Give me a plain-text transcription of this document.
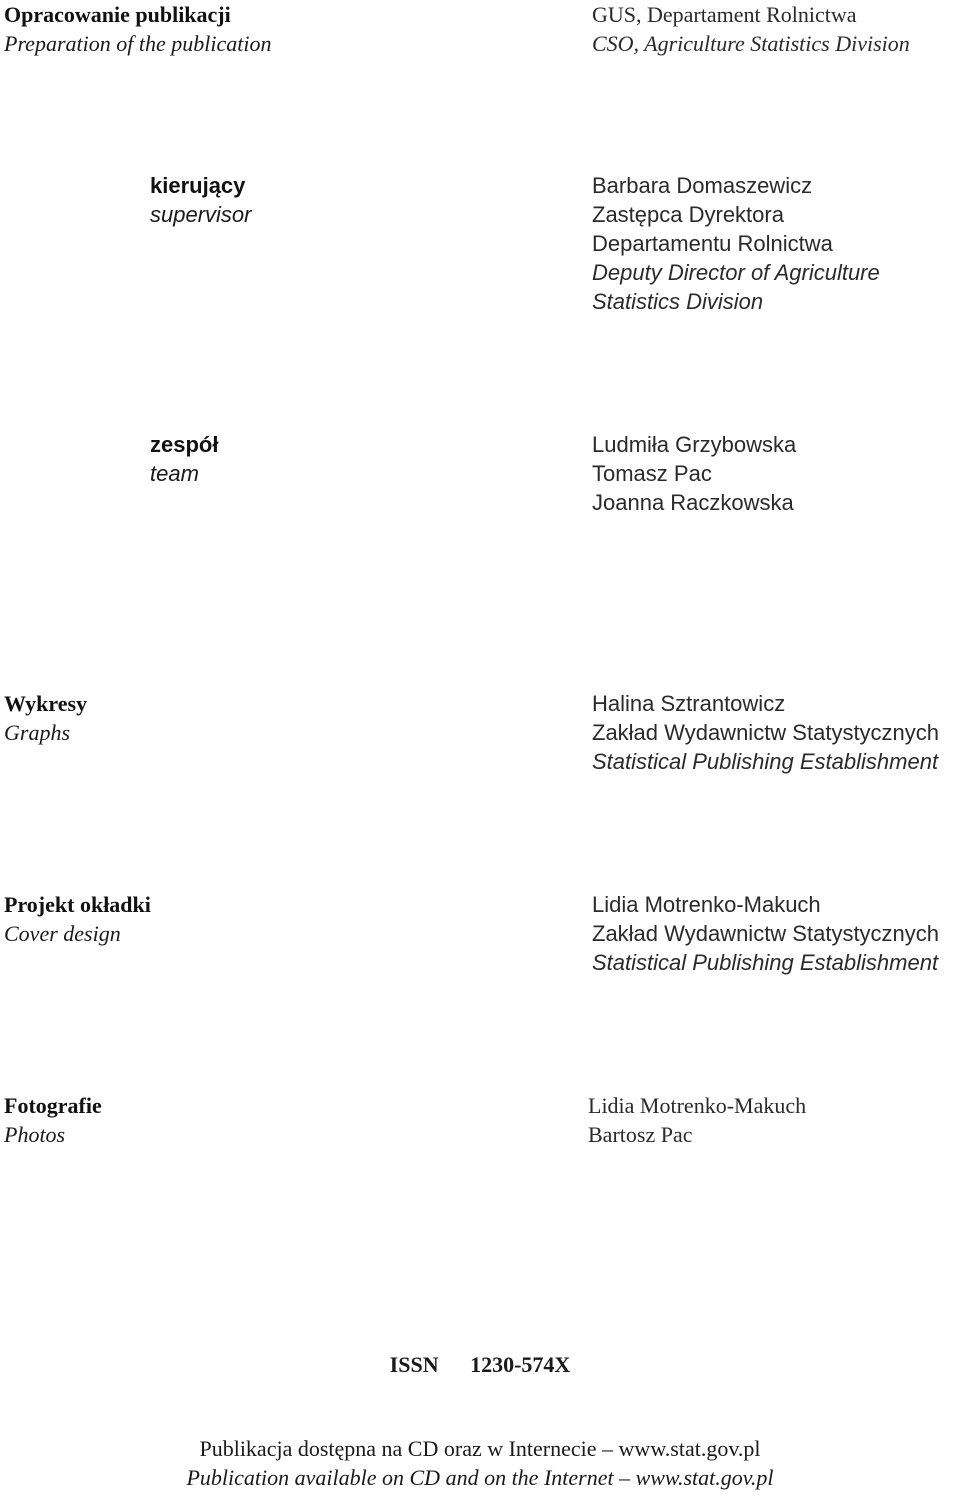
Opracowanie publikacji
Preparation of the publication
GUS, Departament Rolnictwa
CSO, Agriculture Statistics Division
kierujący
supervisor
Barbara Domaszewicz
Zastępca Dyrektora
Departamentu Rolnictwa
Deputy Director of Agriculture
Statistics Division
zespół
team
Ludmiła Grzybowska
Tomasz Pac
Joanna Raczkowska
Wykresy
Graphs
Halina Sztrantowicz
Zakład Wydawnictw Statystycznych
Statistical Publishing Establishment
Projekt okładki
Cover design
Lidia Motrenko-Makuch
Zakład Wydawnictw Statystycznych
Statistical Publishing Establishment
Fotografie
Photos
Lidia Motrenko-Makuch
Bartosz Pac
ISSN 1230-574X
Publikacja dostępna na CD oraz w Internecie – www.stat.gov.pl
Publication available on CD and on the Internet – www.stat.gov.pl
